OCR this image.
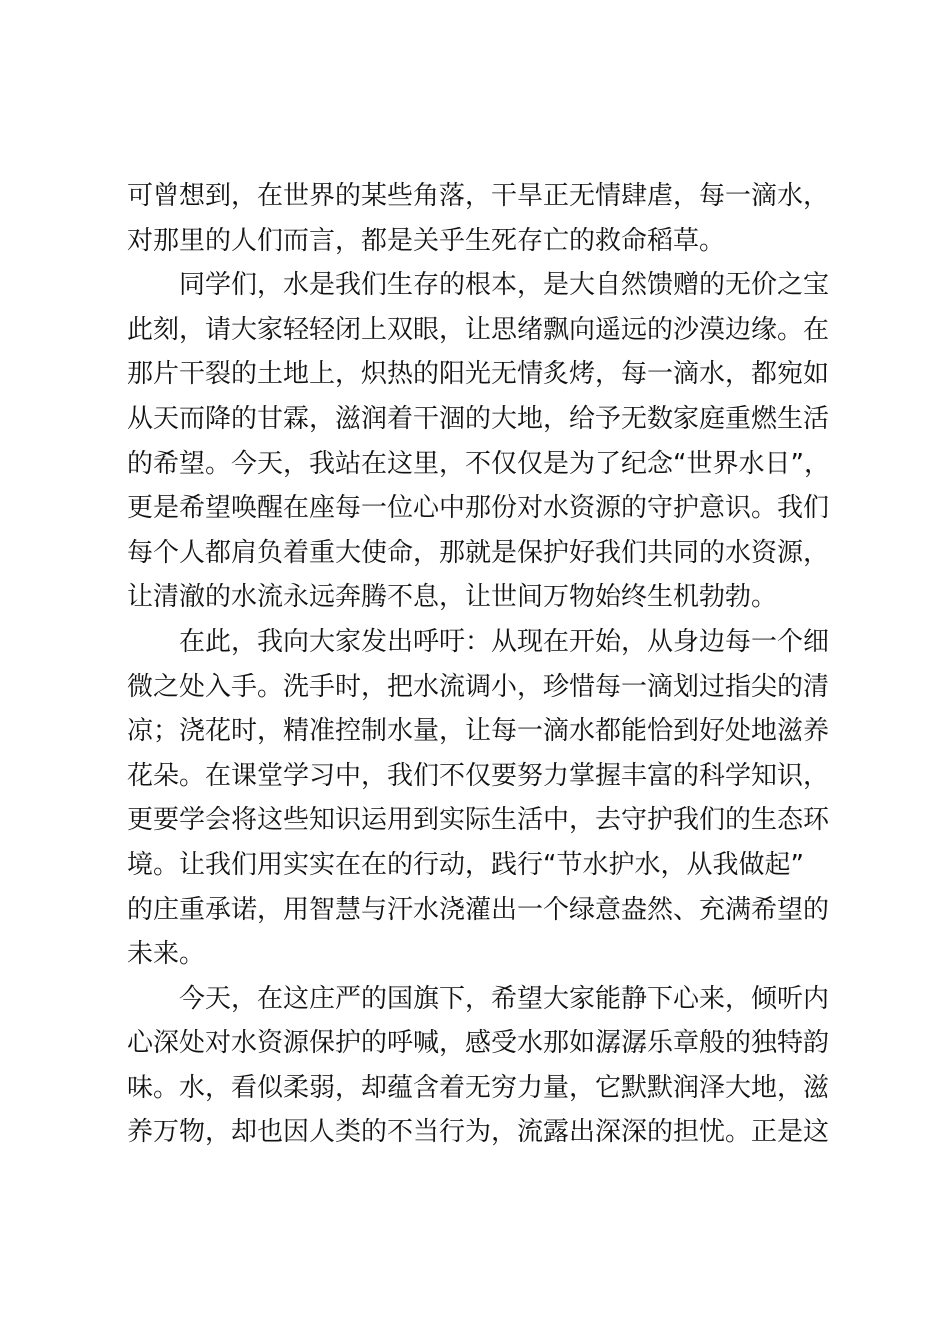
可曾想到，在世界的某些角落，干旱正无情肆虐，每一滴水，
对那里的人们而言，都是关乎生死存亡的救命稻草。
同学们，水是我们生存的根本，是大自然馈赠的无价之宝
此刻，请大家轻轻闭上双眼，让思绪飘向遥远的沙漠边缘。在
那片干裂的土地上，炽热的阳光无情炙烤，每一滴水，都宛如
从天而降的甘霖，滋润着干涸的大地，给予无数家庭重燃生活
的希望。今天，我站在这里，不仅仅是为了纪念“世界水日”，
更是希望唤醒在座每一位心中那份对水资源的守护意识。我们
每个人都肩负着重大使命，那就是保护好我们共同的水资源，
让清澈的水流永远奔腾不息，让世间万物始终生机勃勃。
在此，我向大家发出呼吁：从现在开始，从身边每一个细
微之处入手。洗手时，把水流调小，珍惜每一滴划过指尖的清
凉；浇花时，精准控制水量，让每一滴水都能恰到好处地滋养
花朵。在课堂学习中，我们不仅要努力掌握丰富的科学知识，
更要学会将这些知识运用到实际生活中，去守护我们的生态环
境。让我们用实实在在的行动，践行“节水护水，从我做起”
的庄重承诺，用智慧与汗水浇灌出一个绿意盎然、充满希望的
未来。
今天，在这庄严的国旗下，希望大家能静下心来，倾听内
心深处对水资源保护的呼喊，感受水那如潺潺乐章般的独特韵
味。水，看似柔弱，却蕴含着无穷力量，它默默润泽大地，滋
养万物，却也因人类的不当行为，流露出深深的担忧。正是这
